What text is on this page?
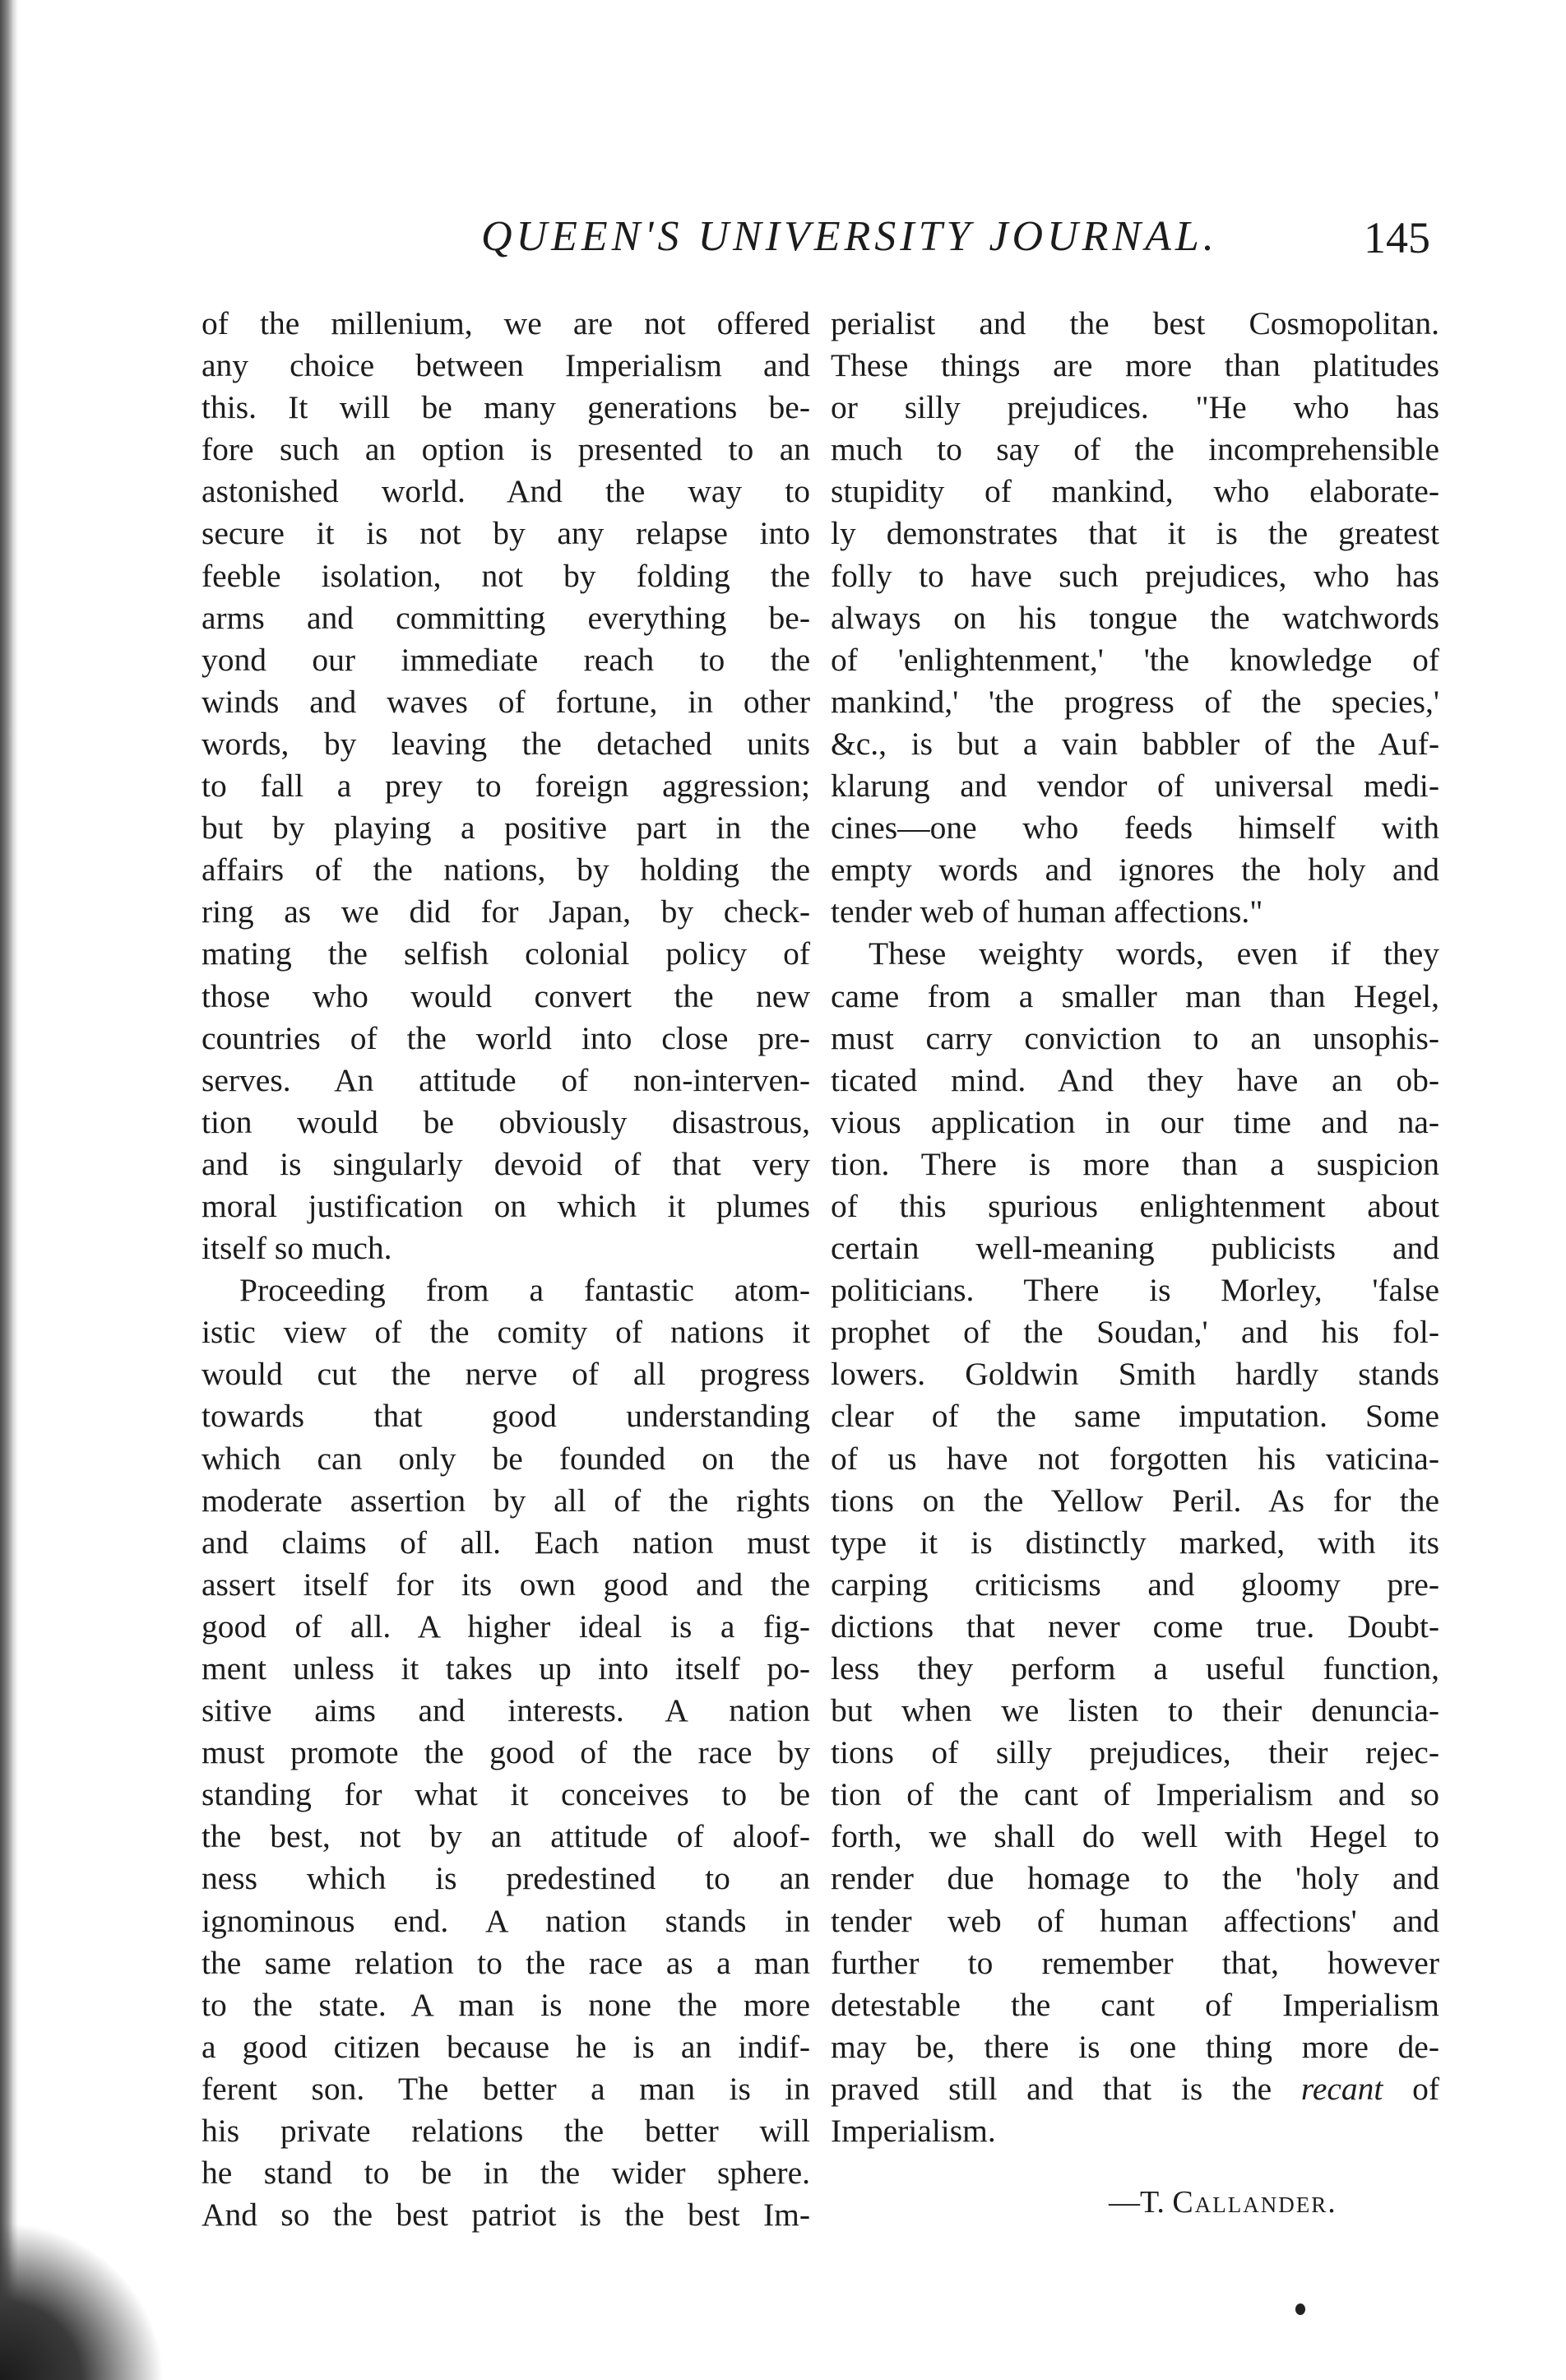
QUEEN'S UNIVERSITY JOURNAL.	145
of the millenium, we are not offered
any choice between Imperialism and
this. It will be many generations be-
fore such an option is presented to an
astonished world. And the way to
secure it is not by any relapse into
feeble isolation, not by folding the
arms and committing everything be-
yond our immediate reach to the
winds and waves of fortune, in other
words, by leaving the detached units
to fall a prey to foreign aggression;
but by playing a positive part in the
affairs of the nations, by holding the
ring as we did for Japan, by check-
mating the selfish colonial policy of
those who would convert the new
countries of the world into close pre-
serves. An attitude of non-interven-
tion would be obviously disastrous,
and is singularly devoid of that very
moral justification on which it plumes
itself so much.
Proceeding from a fantastic atom-
istic view of the comity of nations it
would cut the nerve of all progress
towards that good understanding
which can only be founded on the
moderate assertion by all of the rights
and claims of all. Each nation must
assert itself for its own good and the
good of all. A higher ideal is a fig-
ment unless it takes up into itself po-
sitive aims and interests. A nation
must promote the good of the race by
standing for what it conceives to be
the best, not by an attitude of aloof-
ness which is predestined to an
ignominous end. A nation stands in
the same relation to the race as a man
to the state. A man is none the more
a good citizen because he is an indif-
ferent son. The better a man is in
his private relations the better will
he stand to be in the wider sphere.
And so the best patriot is the best Im-
perialist and the best Cosmopolitan.
These things are more than platitudes
or silly prejudices. "He who has
much to say of the incomprehensible
stupidity of mankind, who elaborate-
ly demonstrates that it is the greatest
folly to have such prejudices, who has
always on his tongue the watchwords
of 'enlightenment,' 'the knowledge of
mankind,' 'the progress of the species,'
&c., is but a vain babbler of the Auf-
klarung and vendor of universal medi-
cines—one who feeds himself with
empty words and ignores the holy and
tender web of human affections."
These weighty words, even if they
came from a smaller man than Hegel,
must carry conviction to an unsophis-
ticated mind. And they have an ob-
vious application in our time and na-
tion. There is more than a suspicion
of this spurious enlightenment about
certain well-meaning publicists and
politicians. There is Morley, 'false
prophet of the Soudan,' and his fol-
lowers. Goldwin Smith hardly stands
clear of the same imputation. Some
of us have not forgotten his vaticina-
tions on the Yellow Peril. As for the
type it is distinctly marked, with its
carping criticisms and gloomy pre-
dictions that never come true. Doubt-
less they perform a useful function,
but when we listen to their denuncia-
tions of silly prejudices, their rejec-
tion of the cant of Imperialism and so
forth, we shall do well with Hegel to
render due homage to the 'holy and
tender web of human affections' and
further to remember that, however
detestable the cant of Imperialism
may be, there is one thing more de-
praved still and that is the recant of
Imperialism.
—T. Callander.
